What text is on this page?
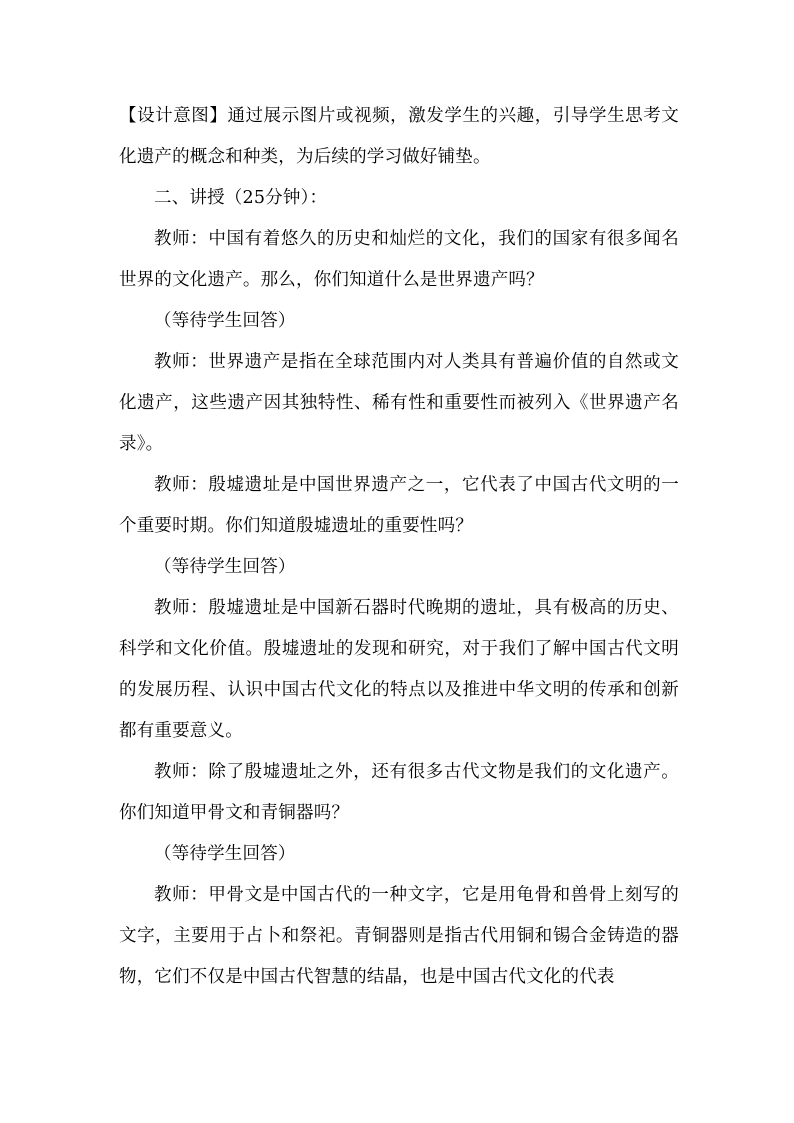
【设计意图】通过展示图片或视频，激发学生的兴趣，引导学生思考文化遗产的概念和种类，为后续的学习做好铺垫。

二、讲授（25分钟）：

教师：中国有着悠久的历史和灿烂的文化，我们的国家有很多闻名世界的文化遗产。那么，你们知道什么是世界遗产吗？

（等待学生回答）

教师：世界遗产是指在全球范围内对人类具有普遍价值的自然或文化遗产，这些遗产因其独特性、稀有性和重要性而被列入《世界遗产名录》。

教师：殷墟遗址是中国世界遗产之一，它代表了中国古代文明的一个重要时期。你们知道殷墟遗址的重要性吗？

（等待学生回答）

教师：殷墟遗址是中国新石器时代晚期的遗址，具有极高的历史、科学和文化价值。殷墟遗址的发现和研究，对于我们了解中国古代文明的发展历程、认识中国古代文化的特点以及推进中华文明的传承和创新都有重要意义。

教师：除了殷墟遗址之外，还有很多古代文物是我们的文化遗产。你们知道甲骨文和青铜器吗？

（等待学生回答）

教师：甲骨文是中国古代的一种文字，它是用龟骨和兽骨上刻写的文字，主要用于占卜和祭祀。青铜器则是指古代用铜和锡合金铸造的器物，它们不仅是中国古代智慧的结晶，也是中国古代文化的代表
